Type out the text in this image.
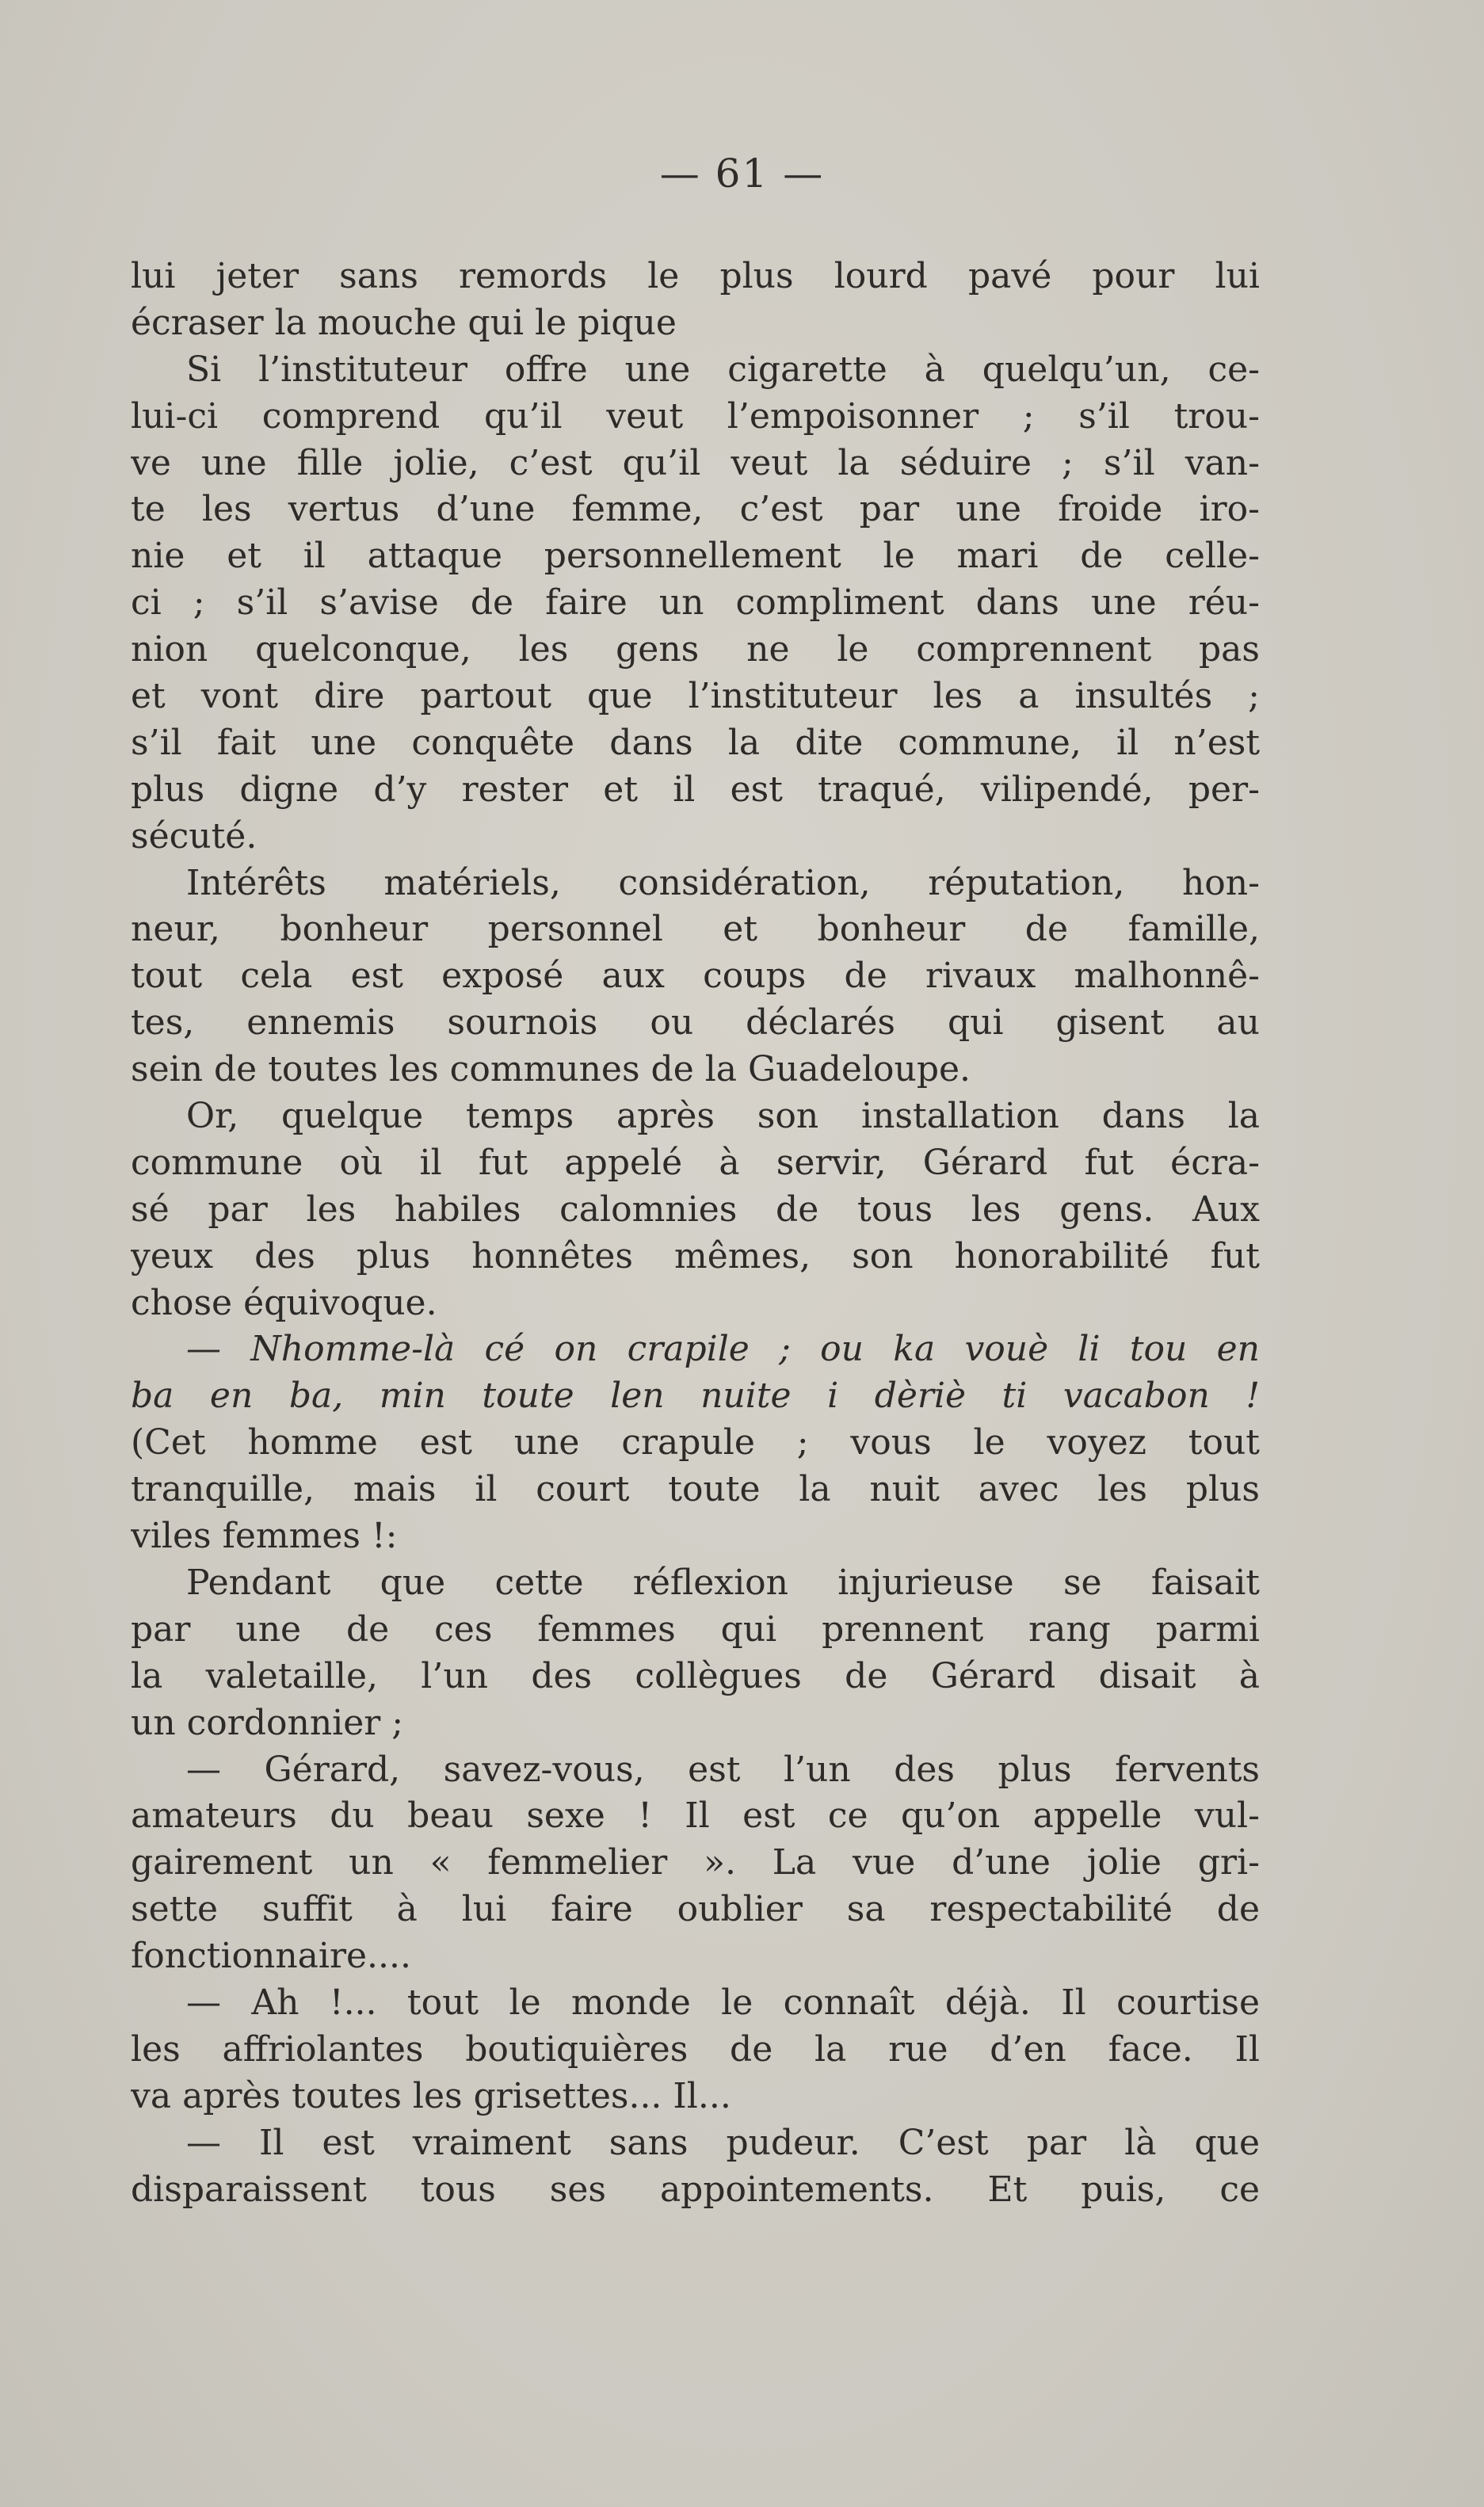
— 61 —
lui jeter sans remords le plus lourd pavé pour lui
écraser la mouche qui le pique
Si l’instituteur offre une cigarette à quelqu’un, ce-
lui-ci comprend qu’il veut l’empoisonner ; s’il trou-
ve une fille jolie, c’est qu’il veut la séduire ; s’il van-
te les vertus d’une femme, c’est par une froide iro-
nie et il attaque personnellement le mari de celle-
ci ; s’il s’avise de faire un compliment dans une réu-
nion quelconque, les gens ne le comprennent pas
et vont dire partout que l’instituteur les a insultés ;
s’il fait une conquête dans la dite commune, il n’est
plus digne d’y rester et il est traqué, vilipendé, per-
sécuté.
Intérêts matériels, considération, réputation, hon-
neur, bonheur personnel et bonheur de famille,
tout cela est exposé aux coups de rivaux malhonnê-
tes, ennemis sournois ou déclarés qui gisent au
sein de toutes les communes de la Guadeloupe.
Or, quelque temps après son installation dans la
commune où il fut appelé à servir, Gérard fut écra-
sé par les habiles calomnies de tous les gens. Aux
yeux des plus honnêtes mêmes, son honorabilité fut
chose équivoque.
— Nhomme-là cé on crapile ; ou ka vouè li tou en
ba en ba, min toute len nuite i dèriè ti vacabon !
(Cet homme est une crapule ; vous le voyez tout
tranquille, mais il court toute la nuit avec les plus
viles femmes !:
Pendant que cette réflexion injurieuse se faisait
par une de ces femmes qui prennent rang parmi
la valetaille, l’un des collègues de Gérard disait à
un cordonnier ;
— Gérard, savez-vous, est l’un des plus fervents
amateurs du beau sexe ! Il est ce qu’on appelle vul-
gairement un « femmelier ». La vue d’une jolie gri-
sette suffit à lui faire oublier sa respectabilité de
fonctionnaire....
— Ah !... tout le monde le connaît déjà. Il courtise
les affriolantes boutiquières de la rue d’en face. Il
va après toutes les grisettes... Il...
— Il est vraiment sans pudeur. C’est par là que
disparaissent tous ses appointements. Et puis, ce
